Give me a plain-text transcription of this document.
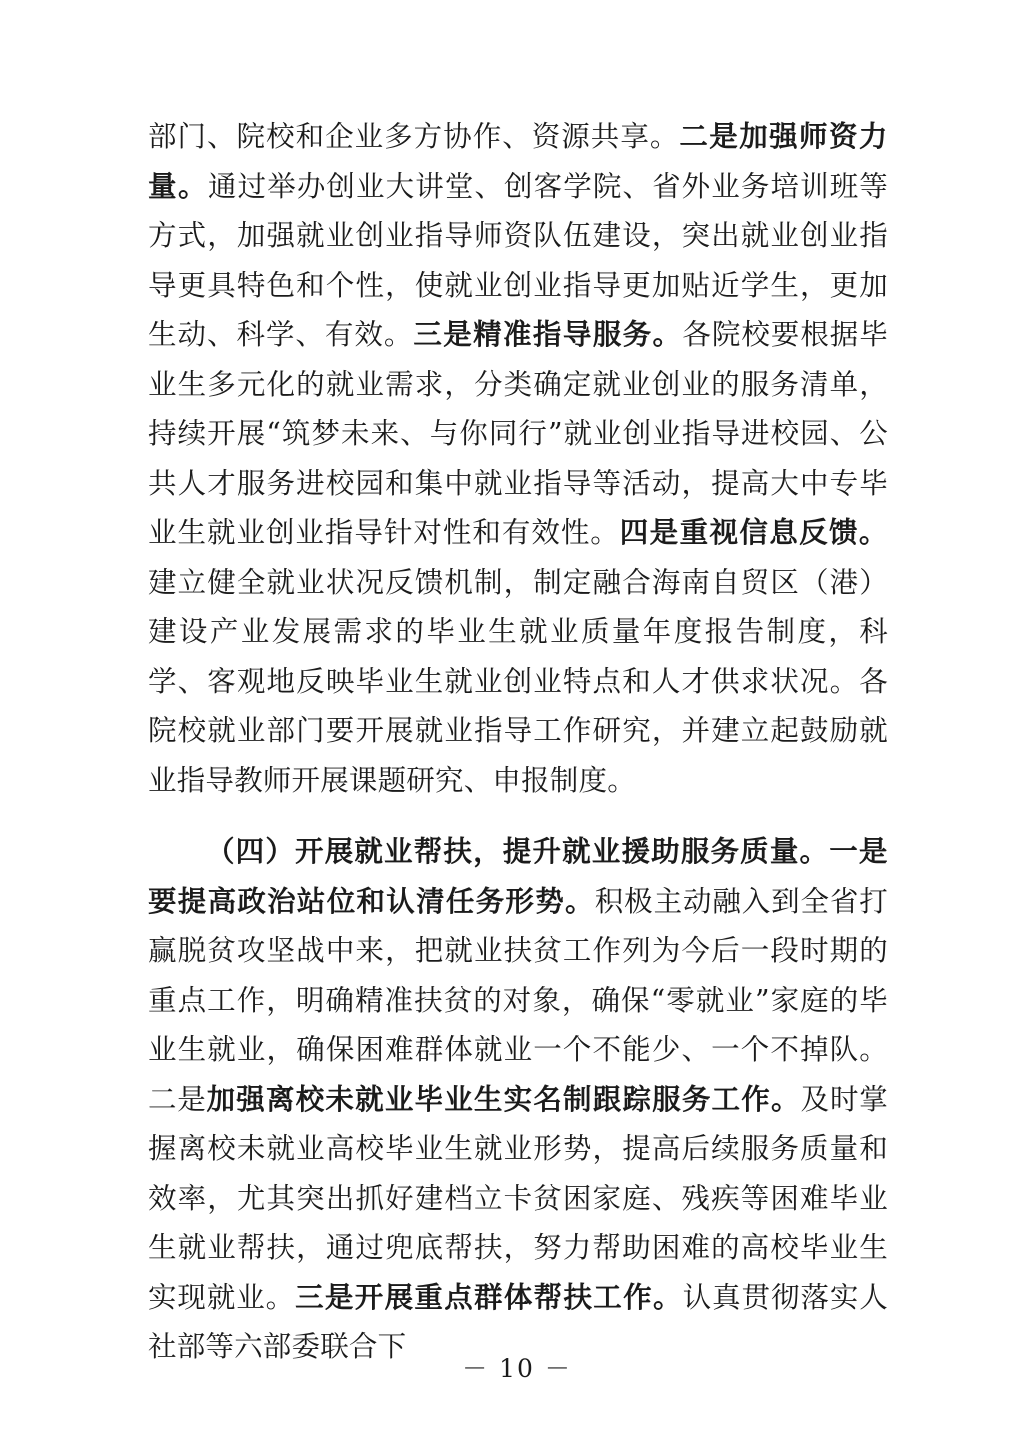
部门、院校和企业多方协作、资源共享。二是加强师资力量。通过举办创业大讲堂、创客学院、省外业务培训班等方式，加强就业创业指导师资队伍建设，突出就业创业指导更具特色和个性，使就业创业指导更加贴近学生，更加生动、科学、有效。三是精准指导服务。各院校要根据毕业生多元化的就业需求，分类确定就业创业的服务清单，持续开展“筑梦未来、与你同行”就业创业指导进校园、公共人才服务进校园和集中就业指导等活动，提高大中专毕业生就业创业指导针对性和有效性。四是重视信息反馈。建立健全就业状况反馈机制，制定融合海南自贸区（港）建设产业发展需求的毕业生就业质量年度报告制度，科学、客观地反映毕业生就业创业特点和人才供求状况。各院校就业部门要开展就业指导工作研究，并建立起鼓励就业指导教师开展课题研究、申报制度。

（四）开展就业帮扶，提升就业援助服务质量。一是要提高政治站位和认清任务形势。积极主动融入到全省打赢脱贫攻坚战中来，把就业扶贫工作列为今后一段时期的重点工作，明确精准扶贫的对象，确保“零就业”家庭的毕业生就业，确保困难群体就业一个不能少、一个不掉队。二是加强离校未就业毕业生实名制跟踪服务工作。及时掌握离校未就业高校毕业生就业形势，提高后续服务质量和效率，尤其突出抓好建档立卡贫困家庭、残疾等困难毕业生就业帮扶，通过兜底帮扶，努力帮助困难的高校毕业生实现就业。三是开展重点群体帮扶工作。认真贯彻落实人社部等六部委联合下

－ 10 －
